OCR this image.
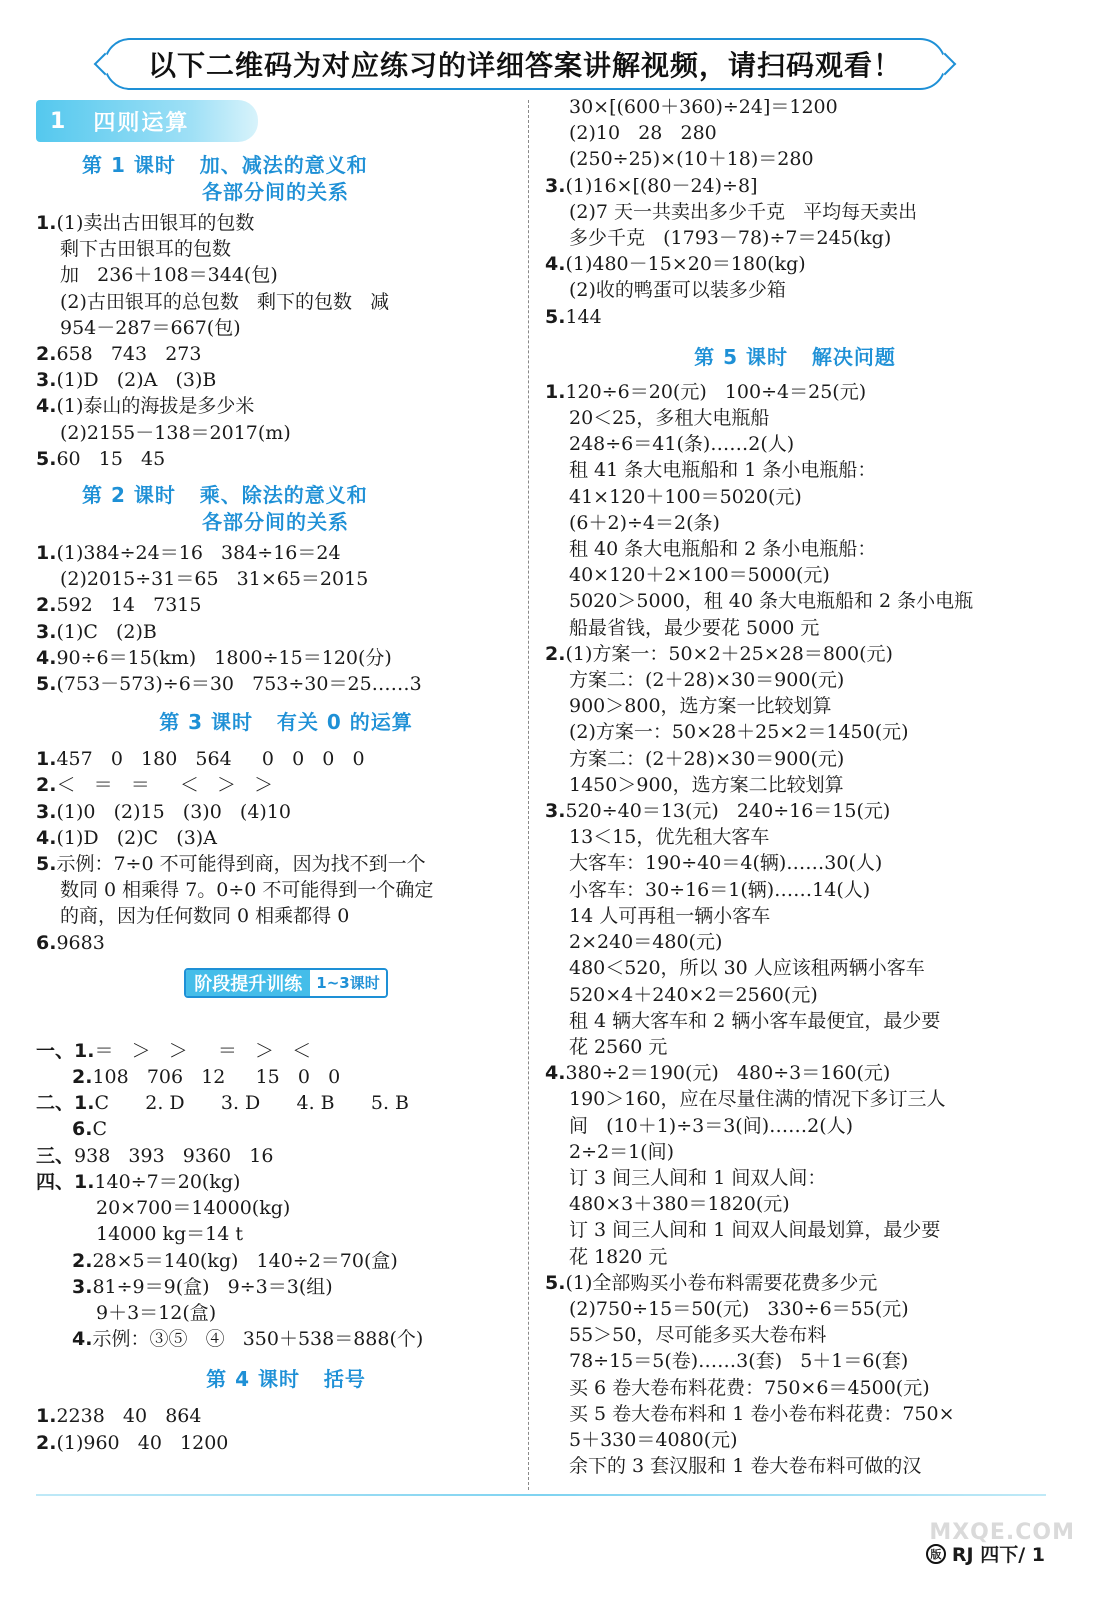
以下二维码为对应练习的详细答案讲解视频，请扫码观看！
1 四则运算
第 1 课时   加、减法的意义和
各部分间的关系
1.(1)卖出古田银耳的包数
剩下古田银耳的包数
加   236＋108＝344(包)
(2)古田银耳的总包数   剩下的包数   减
954－287＝667(包)
2.658   743   273
3.(1)D   (2)A   (3)B
4.(1)泰山的海拔是多少米
(2)2155－138＝2017(m)
5.60   15   45
第 2 课时   乘、除法的意义和
各部分间的关系
1.(1)384÷24＝16   384÷16＝24
(2)2015÷31＝65   31×65＝2015
2.592   14   7315
3.(1)C   (2)B
4.90÷6＝15(km)   1800÷15＝120(分)
5.(753－573)÷6＝30   753÷30＝25……3
第 3 课时   有关 0 的运算
1.457   0   180   564     0   0   0   0
2.＜   ＝   ＝     ＜   ＞   ＞
3.(1)0   (2)15   (3)0   (4)10
4.(1)D   (2)C   (3)A
5.示例：7÷0 不可能得到商，因为找不到一个
数同 0 相乘得 7。0÷0 不可能得到一个确定
的商，因为任何数同 0 相乘都得 0
6.9683
阶段提升训练 1~3课时
一、1.＝   ＞   ＞     ＝   ＞   ＜
2.108   706   12     15   0   0
二、1.C      2. D      3. D      4. B      5. B
6.C
三、938   393   9360   16
四、1.140÷7＝20(kg)
20×700＝14000(kg)
14000 kg＝14 t
2.28×5＝140(kg)   140÷2＝70(盒)
3.81÷9＝9(盒)   9÷3＝3(组)
9＋3＝12(盒)
4.示例：③⑤   ④   350＋538＝888(个)
第 4 课时   括号
1.2238   40   864
2.(1)960   40   1200
30×[(600＋360)÷24]＝1200
(2)10   28   280
(250÷25)×(10＋18)＝280
3.(1)16×[(80－24)÷8]
(2)7 天一共卖出多少千克   平均每天卖出
多少千克   (1793－78)÷7＝245(kg)
4.(1)480－15×20＝180(kg)
(2)收的鸭蛋可以装多少箱
5.144
第 5 课时   解决问题
1.120÷6＝20(元)   100÷4＝25(元)
20＜25，多租大电瓶船
248÷6＝41(条)……2(人)
租 41 条大电瓶船和 1 条小电瓶船：
41×120＋100＝5020(元)
(6＋2)÷4＝2(条)
租 40 条大电瓶船和 2 条小电瓶船：
40×120＋2×100＝5000(元)
5020＞5000，租 40 条大电瓶船和 2 条小电瓶
船最省钱，最少要花 5000 元
2.(1)方案一：50×2＋25×28＝800(元)
方案二：(2＋28)×30＝900(元)
900＞800，选方案一比较划算
(2)方案一：50×28＋25×2＝1450(元)
方案二：(2＋28)×30＝900(元)
1450＞900，选方案二比较划算
3.520÷40＝13(元)   240÷16＝15(元)
13＜15，优先租大客车
大客车：190÷40＝4(辆)……30(人)
小客车：30÷16＝1(辆)……14(人)
14 人可再租一辆小客车
2×240＝480(元)
480＜520，所以 30 人应该租两辆小客车
520×4＋240×2＝2560(元)
租 4 辆大客车和 2 辆小客车最便宜，最少要
花 2560 元
4.380÷2＝190(元)   480÷3＝160(元)
190＞160，应在尽量住满的情况下多订三人
间   (10＋1)÷3＝3(间)……2(人)
2÷2＝1(间)
订 3 间三人间和 1 间双人间：
480×3＋380＝1820(元)
订 3 间三人间和 1 间双人间最划算，最少要
花 1820 元
5.(1)全部购买小卷布料需要花费多少元
(2)750÷15＝50(元)   330÷6＝55(元)
55＞50，尽可能多买大卷布料
78÷15＝5(卷)……3(套)   5＋1＝6(套)
买 6 卷大卷布料花费：750×6＝4500(元)
买 5 卷大卷布料和 1 卷小卷布料花费：750×
5＋330＝4080(元)
余下的 3 套汉服和 1 卷大卷布料可做的汉
MXQE.COM
版 RJ 四下/ 1
